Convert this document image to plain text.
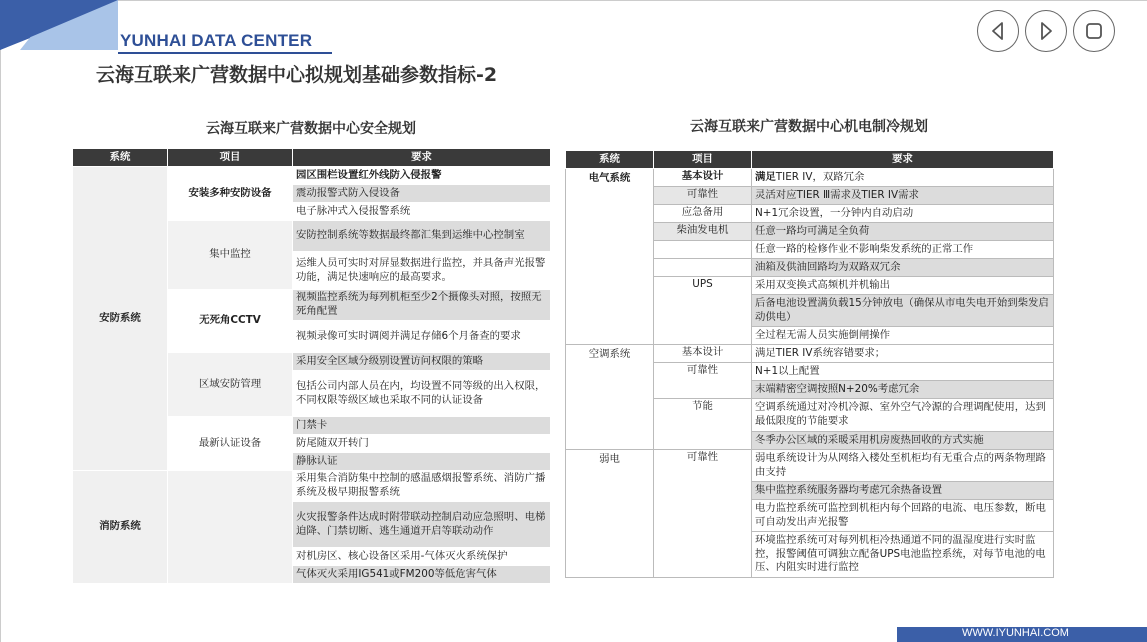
YUNHAI DATA CENTER
云海互联来广营数据中心拟规划基础参数指标-2
云海互联来广营数据中心安全规划	云海互联来广营数据中心机电制冷规划
系统	项目	要求
安防系统	安装多种安防设备	园区围栏设置红外线防入侵报警
		震动报警式防入侵设备
		电子脉冲式入侵报警系统
	集中监控	安防控制系统等数据最终都汇集到运维中心控制室
		运维人员可实时对屏显数据进行监控，并具备声光报警功能，满足快速响应的最高要求。
	无死角CCTV	视频监控系统为每列机柜至少2个摄像头对照，按照无死角配置
		视频录像可实时调阅并满足存储6个月备查的要求
	区域安防管理	采用安全区域分级别设置访问权限的策略
		包括公司内部人员在内，均设置不同等级的出入权限，不同权限等级区域也采取不同的认证设备
	最新认证设备	门禁卡
		防尾随双开转门
		静脉认证
消防系统		采用集合消防集中控制的感温感烟报警系统、消防广播系统及极早期报警系统
		火灾报警条件达成时附带联动控制启动应急照明、电梯迫降、门禁切断、逃生通道开启等联动动作
		对机房区、核心设备区采用-气体灭火系统保护
		气体灭火采用IG541或FM200等低危害气体
系统	项目	要求
电气系统	基本设计	满足TIER IV，双路冗余
	可靠性	灵活对应TIER Ⅲ需求及TIER IV需求
	应急备用	N+1冗余设置，一分钟内自动启动
	柴油发电机	任意一路均可满足全负荷
		任意一路的检修作业不影响柴发系统的正常工作
		油箱及供油回路均为双路双冗余
	UPS	采用双变换式高频机并机输出
		后备电池设置满负载15分钟放电（确保从市电失电开始到柴发启动供电）
		全过程无需人员实施倒闸操作
空调系统	基本设计	满足TIER IV系统容错要求；
	可靠性	N+1以上配置
		末端精密空调按照N+20%考虑冗余
	节能	空调系统通过对冷机冷源、室外空气冷源的合理调配使用，达到最低限度的节能要求
		冬季办公区域的采暖采用机房废热回收的方式实施
弱电	可靠性	弱电系统设计为从网络入楼处至机柜均有无重合点的两条物理路由支持
		集中监控系统服务器均考虑冗余热备设置
		电力监控系统可监控到机柜内每个回路的电流、电压参数，断电可自动发出声光报警
		环境监控系统可对每列机柜冷热通道不同的温湿度进行实时监控，报警阈值可调独立配备UPS电池监控系统，对每节电池的电压、内阻实时进行监控
WWW.IYUNHAI.COM
